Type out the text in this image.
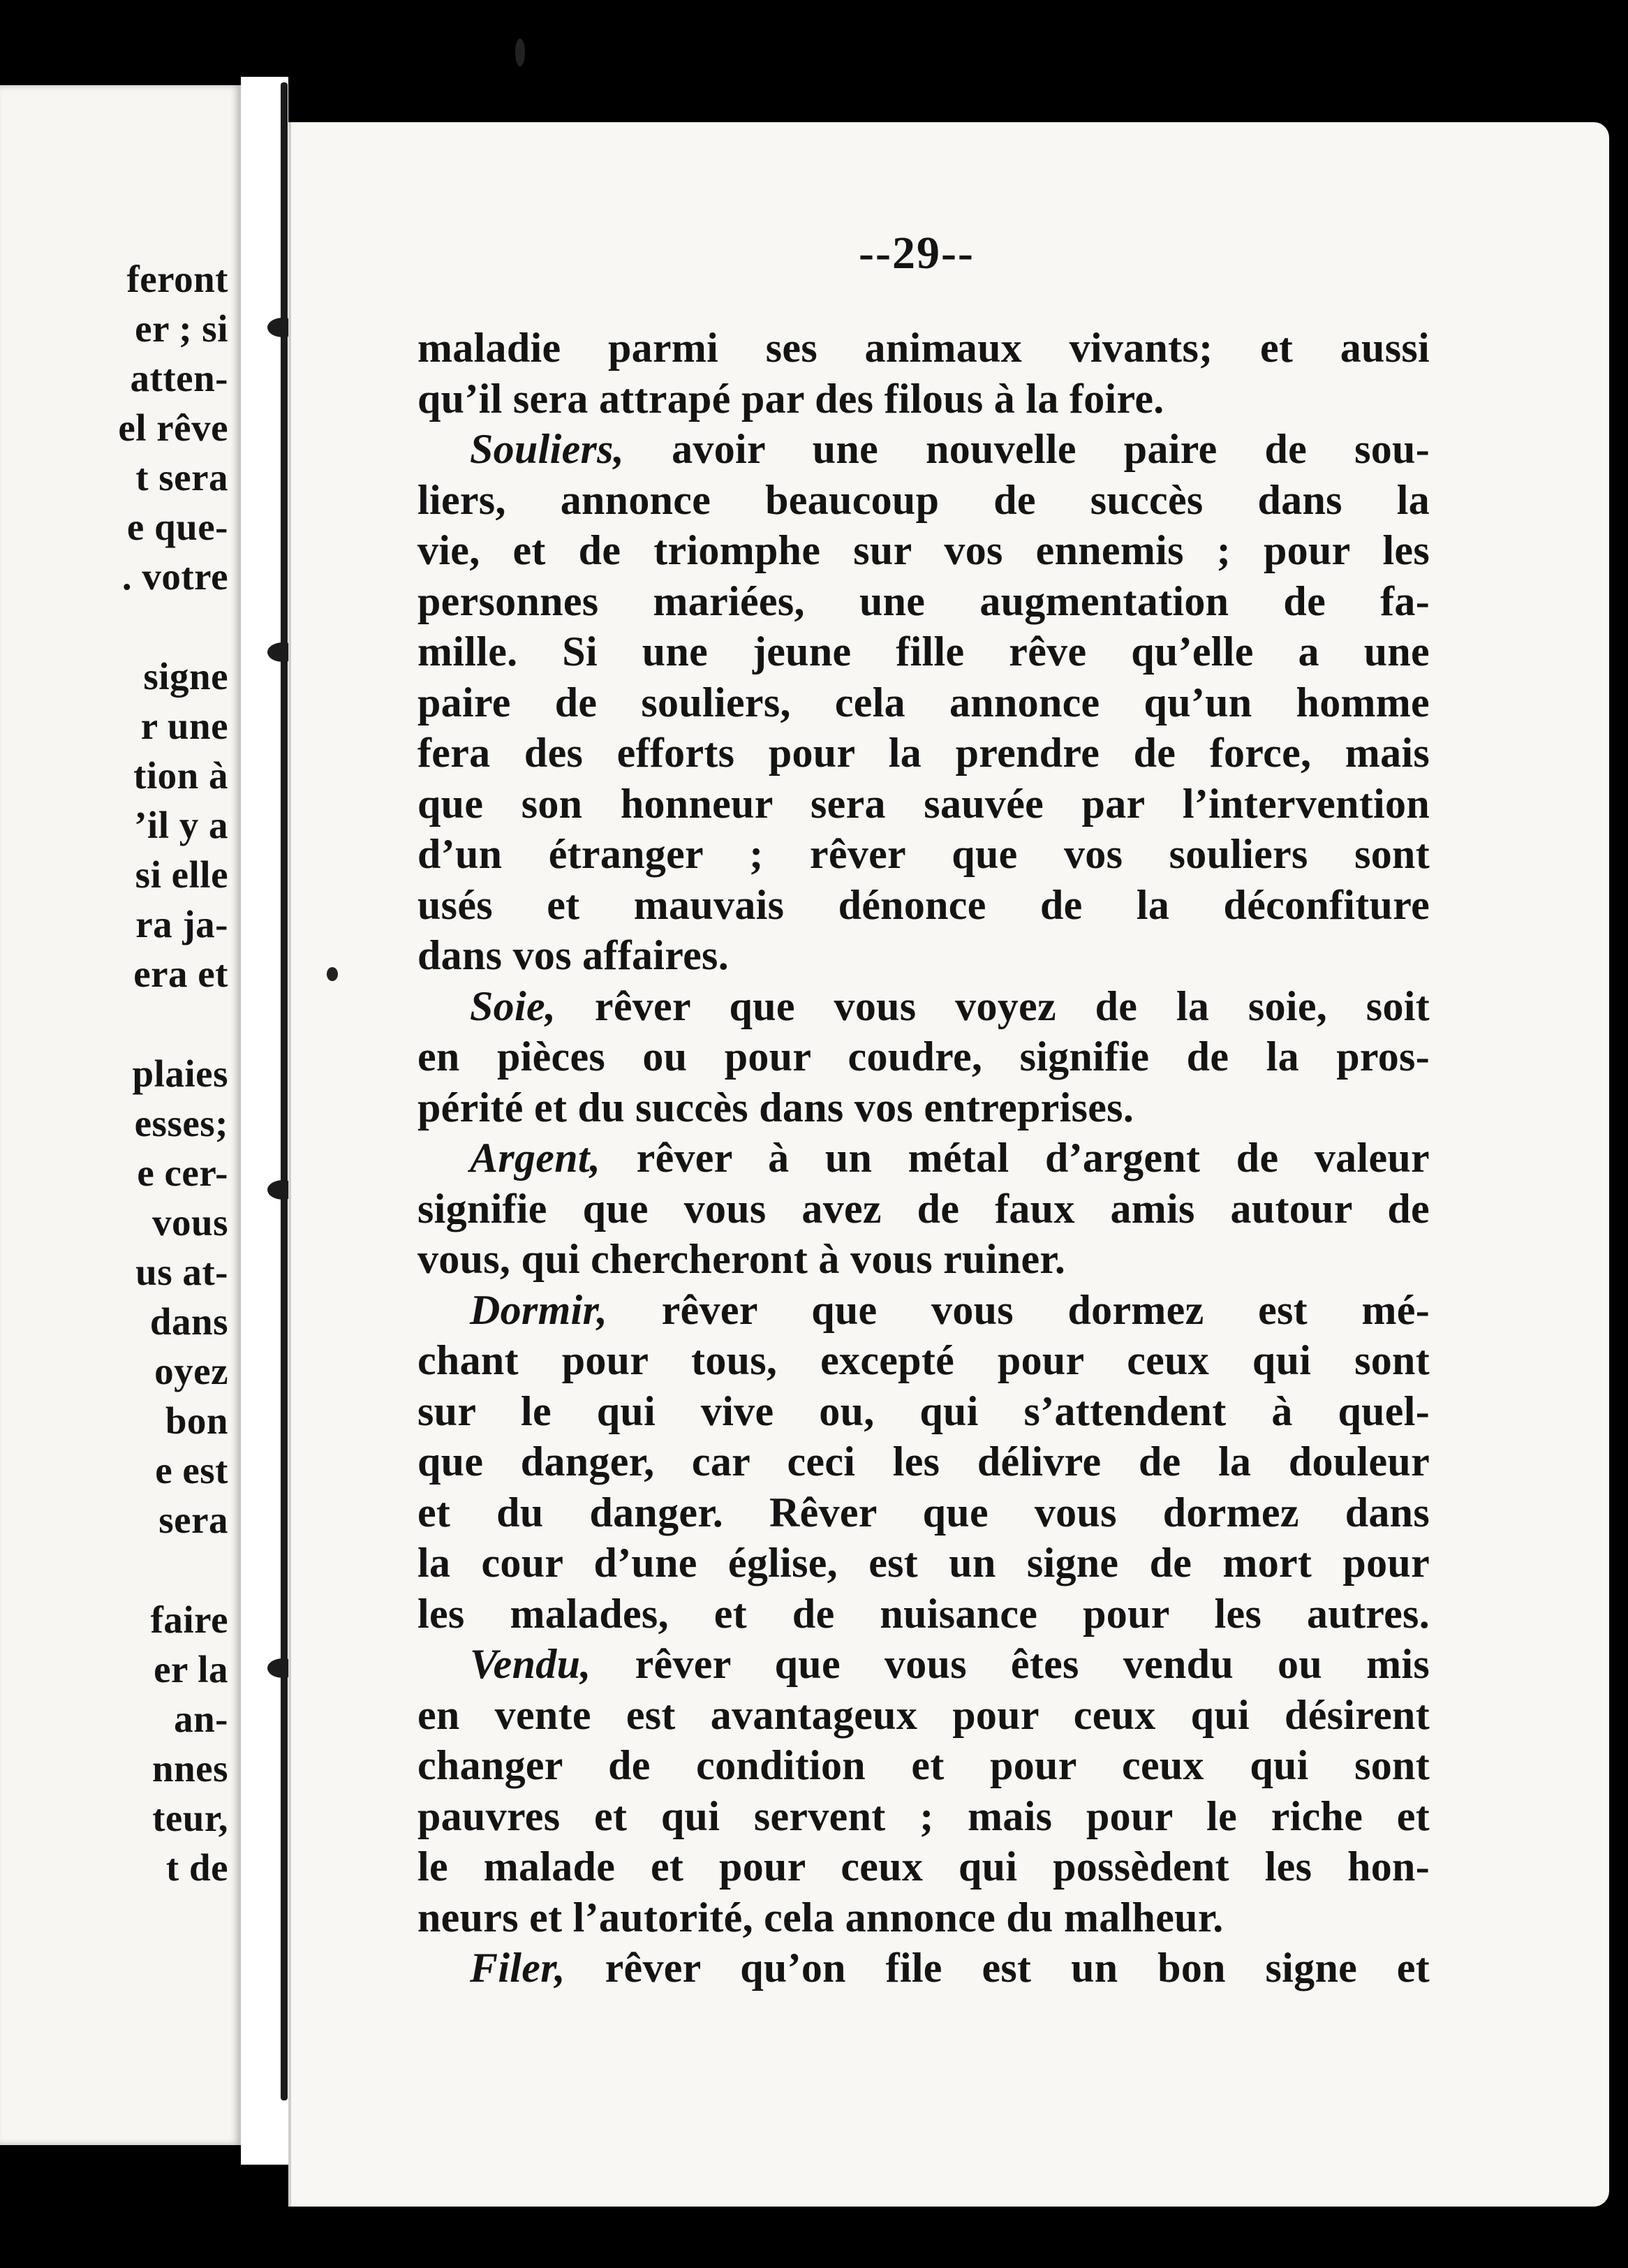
feront
er ; si
atten-
el rêve
t sera
e que-
. votre
signe
r une
tion à
’il y a
si elle
ra ja-
era et
plaies
esses;
e cer-
vous
us at-
dans
oyez
bon
e est
sera
faire
er la
an-
nnes
teur,
t de
--29--
maladie parmi ses animaux vivants; et aussi
qu’il sera attrapé par des filous à la foire.
Souliers, avoir une nouvelle paire de sou-
liers, annonce beaucoup de succès dans la
vie, et de triomphe sur vos ennemis ; pour les
personnes mariées, une augmentation de fa-
mille. Si une jeune fille rêve qu’elle a une
paire de souliers, cela annonce qu’un homme
fera des efforts pour la prendre de force, mais
que son honneur sera sauvée par l’intervention
d’un étranger ; rêver que vos souliers sont
usés et mauvais dénonce de la déconfiture
dans vos affaires.
Soie, rêver que vous voyez de la soie, soit
en pièces ou pour coudre, signifie de la pros-
périté et du succès dans vos entreprises.
Argent, rêver à un métal d’argent de valeur
signifie que vous avez de faux amis autour de
vous, qui chercheront à vous ruiner.
Dormir, rêver que vous dormez est mé-
chant pour tous, excepté pour ceux qui sont
sur le qui vive ou, qui s’attendent à quel-
que danger, car ceci les délivre de la douleur
et du danger. Rêver que vous dormez dans
la cour d’une église, est un signe de mort pour
les malades, et de nuisance pour les autres.
Vendu, rêver que vous êtes vendu ou mis
en vente est avantageux pour ceux qui désirent
changer de condition et pour ceux qui sont
pauvres et qui servent ; mais pour le riche et
le malade et pour ceux qui possèdent les hon-
neurs et l’autorité, cela annonce du malheur.
Filer, rêver qu’on file est un bon signe et
